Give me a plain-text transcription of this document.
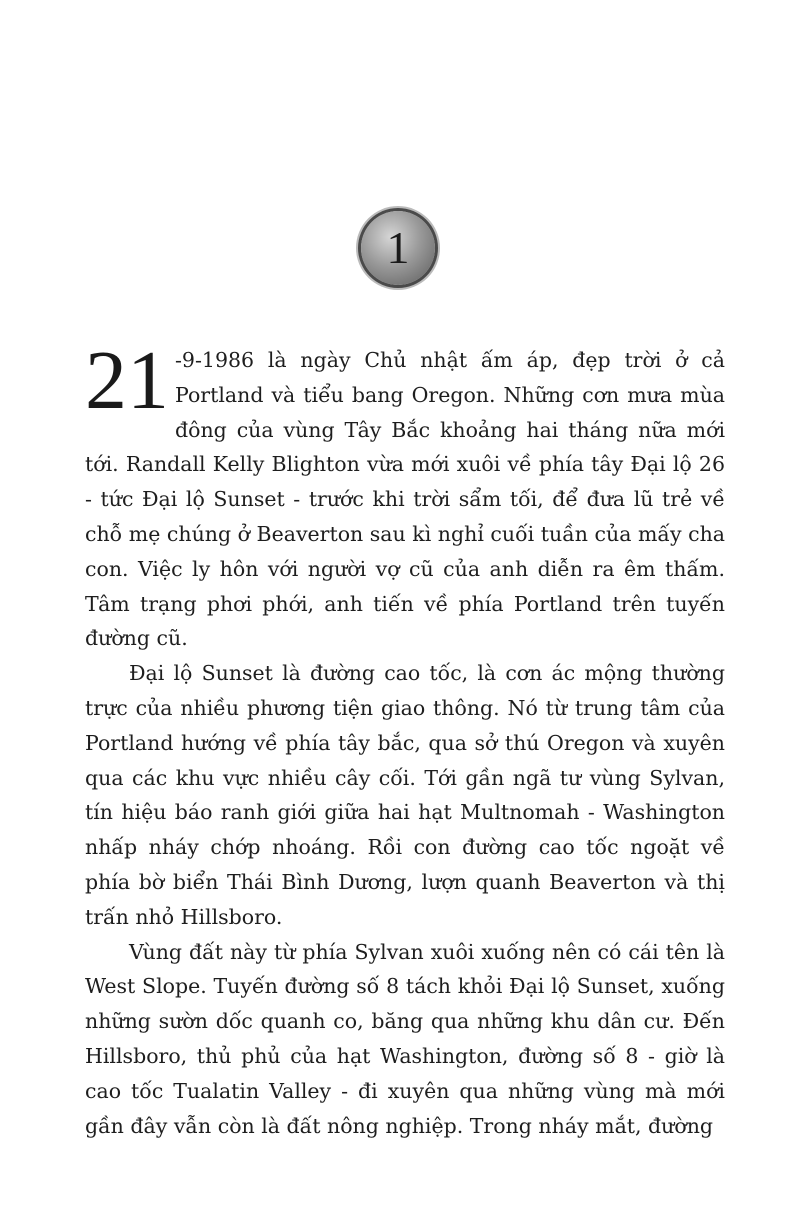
1

21 -9-1986 là ngày Chủ nhật ấm áp, đẹp trời ở cả Portland và tiểu bang Oregon. Những cơn mưa mùa đông của vùng Tây Bắc khoảng hai tháng nữa mới tới. Randall Kelly Blighton vừa mới xuôi về phía tây Đại lộ 26 - tức Đại lộ Sunset - trước khi trời sẩm tối, để đưa lũ trẻ về chỗ mẹ chúng ở Beaverton sau kì nghỉ cuối tuần của mấy cha con. Việc ly hôn với người vợ cũ của anh diễn ra êm thấm. Tâm trạng phơi phới, anh tiến về phía Portland trên tuyến đường cũ.

Đại lộ Sunset là đường cao tốc, là cơn ác mộng thường trực của nhiều phương tiện giao thông. Nó từ trung tâm của Portland hướng về phía tây bắc, qua sở thú Oregon và xuyên qua các khu vực nhiều cây cối. Tới gần ngã tư vùng Sylvan, tín hiệu báo ranh giới giữa hai hạt Multnomah - Washington nhấp nháy chớp nhoáng. Rồi con đường cao tốc ngoặt về phía bờ biển Thái Bình Dương, lượn quanh Beaverton và thị trấn nhỏ Hillsboro.

Vùng đất này từ phía Sylvan xuôi xuống nên có cái tên là West Slope. Tuyến đường số 8 tách khỏi Đại lộ Sunset, xuống những sườn dốc quanh co, băng qua những khu dân cư. Đến Hillsboro, thủ phủ của hạt Washington, đường số 8 - giờ là cao tốc Tualatin Valley - đi xuyên qua những vùng mà mới gần đây vẫn còn là đất nông nghiệp. Trong nháy mắt, đường
